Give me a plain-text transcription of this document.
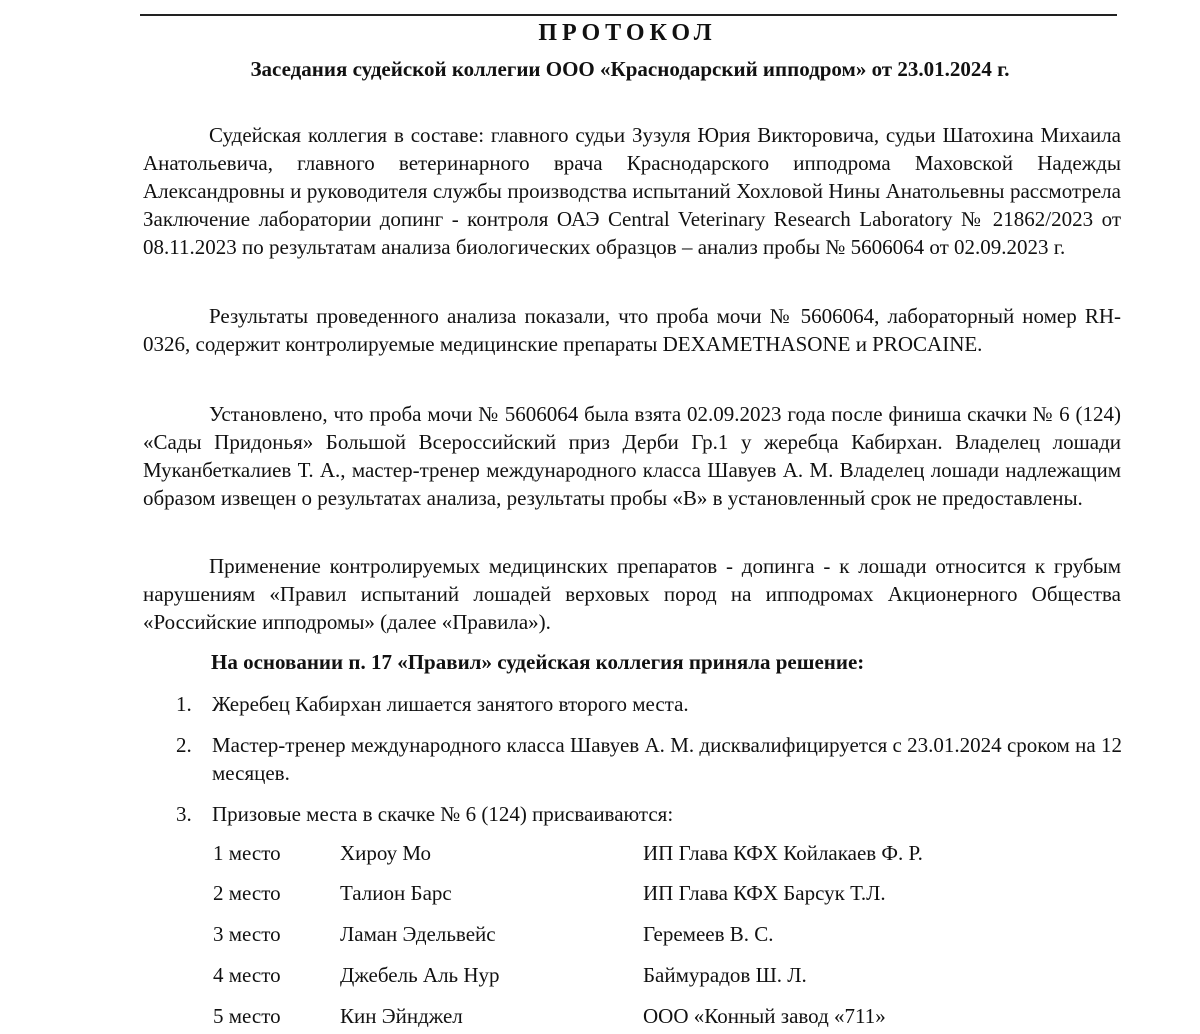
ПРОТОКОЛ
Заседания судейской коллегии ООО «Краснодарский ипподром» от 23.01.2024 г.
Судейская коллегия в составе: главного судьи Зузуля Юрия Викторовича, судьи Шатохина Михаила Анатольевича, главного ветеринарного врача Краснодарского ипподрома Маховской Надежды Александровны и руководителя службы производства испытаний Хохловой Нины Анатольевны рассмотрела Заключение лаборатории допинг - контроля ОАЭ Central Veterinary Research Laboratory № 21862/2023 от 08.11.2023 по результатам анализа биологических образцов – анализ пробы № 5606064 от 02.09.2023 г.
Результаты проведенного анализа показали, что проба мочи № 5606064, лабораторный номер RH-0326, содержит контролируемые медицинские препараты DEXAMETHASONE и PROCAINE.
Установлено, что проба мочи № 5606064 была взята 02.09.2023 года после финиша скачки № 6 (124) «Сады Придонья» Большой Всероссийский приз Дерби Гр.1 у жеребца Кабирхан. Владелец лошади Муканбеткалиев Т. А., мастер-тренер международного класса Шавуев А. М. Владелец лошади надлежащим образом извещен о результатах анализа, результаты пробы «В» в установленный срок не предоставлены.
Применение контролируемых медицинских препаратов - допинга - к лошади относится к грубым нарушениям «Правил испытаний лошадей верховых пород на ипподромах Акционерного Общества «Российские ипподромы» (далее «Правила»).
На основании п. 17 «Правил» судейская коллегия приняла решение:
1. Жеребец Кабирхан лишается занятого второго места.
2. Мастер-тренер международного класса Шавуев А. М. дисквалифицируется с 23.01.2024 сроком на 12 месяцев.
3. Призовые места в скачке № 6 (124) присваиваются:
1 место	Хироу Мо	ИП Глава КФХ Койлакаев Ф. Р.
2 место	Талион Барс	ИП Глава КФХ Барсук Т.Л.
3 место	Ламан Эдельвейс	Геремеев В. С.
4 место	Джебель Аль Нур	Баймурадов Ш. Л.
5 место	Кин Эйнджел	ООО «Конный завод «711»
